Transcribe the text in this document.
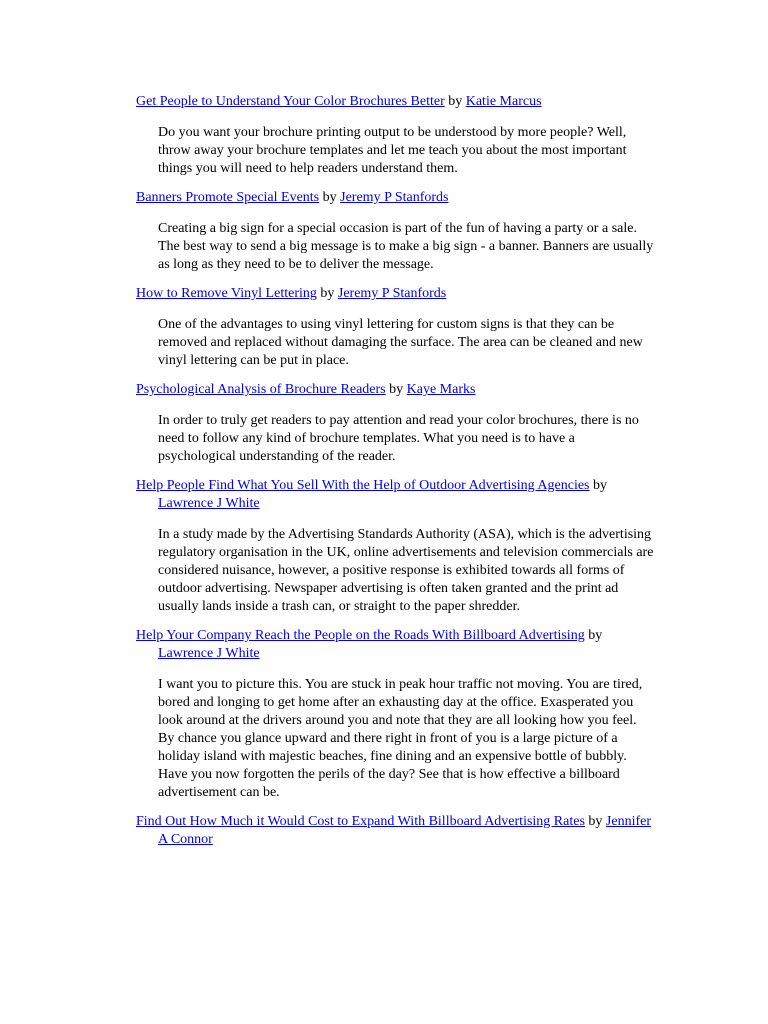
Get People to Understand Your Color Brochures Better by Katie Marcus

Do you want your brochure printing output to be understood by more people? Well, throw away your brochure templates and let me teach you about the most important things you will need to help readers understand them.

Banners Promote Special Events by Jeremy P Stanfords

Creating a big sign for a special occasion is part of the fun of having a party or a sale. The best way to send a big message is to make a big sign - a banner. Banners are usually as long as they need to be to deliver the message.

How to Remove Vinyl Lettering by Jeremy P Stanfords

One of the advantages to using vinyl lettering for custom signs is that they can be removed and replaced without damaging the surface. The area can be cleaned and new vinyl lettering can be put in place.

Psychological Analysis of Brochure Readers by Kaye Marks

In order to truly get readers to pay attention and read your color brochures, there is no need to follow any kind of brochure templates. What you need is to have a psychological understanding of the reader.

Help People Find What You Sell With the Help of Outdoor Advertising Agencies by Lawrence J White

In a study made by the Advertising Standards Authority (ASA), which is the advertising regulatory organisation in the UK, online advertisements and television commercials are considered nuisance, however, a positive response is exhibited towards all forms of outdoor advertising. Newspaper advertising is often taken granted and the print ad usually lands inside a trash can, or straight to the paper shredder.

Help Your Company Reach the People on the Roads With Billboard Advertising by Lawrence J White

I want you to picture this. You are stuck in peak hour traffic not moving. You are tired, bored and longing to get home after an exhausting day at the office. Exasperated you look around at the drivers around you and note that they are all looking how you feel. By chance you glance upward and there right in front of you is a large picture of a holiday island with majestic beaches, fine dining and an expensive bottle of bubbly. Have you now forgotten the perils of the day? See that is how effective a billboard advertisement can be.

Find Out How Much it Would Cost to Expand With Billboard Advertising Rates by Jennifer A Connor
